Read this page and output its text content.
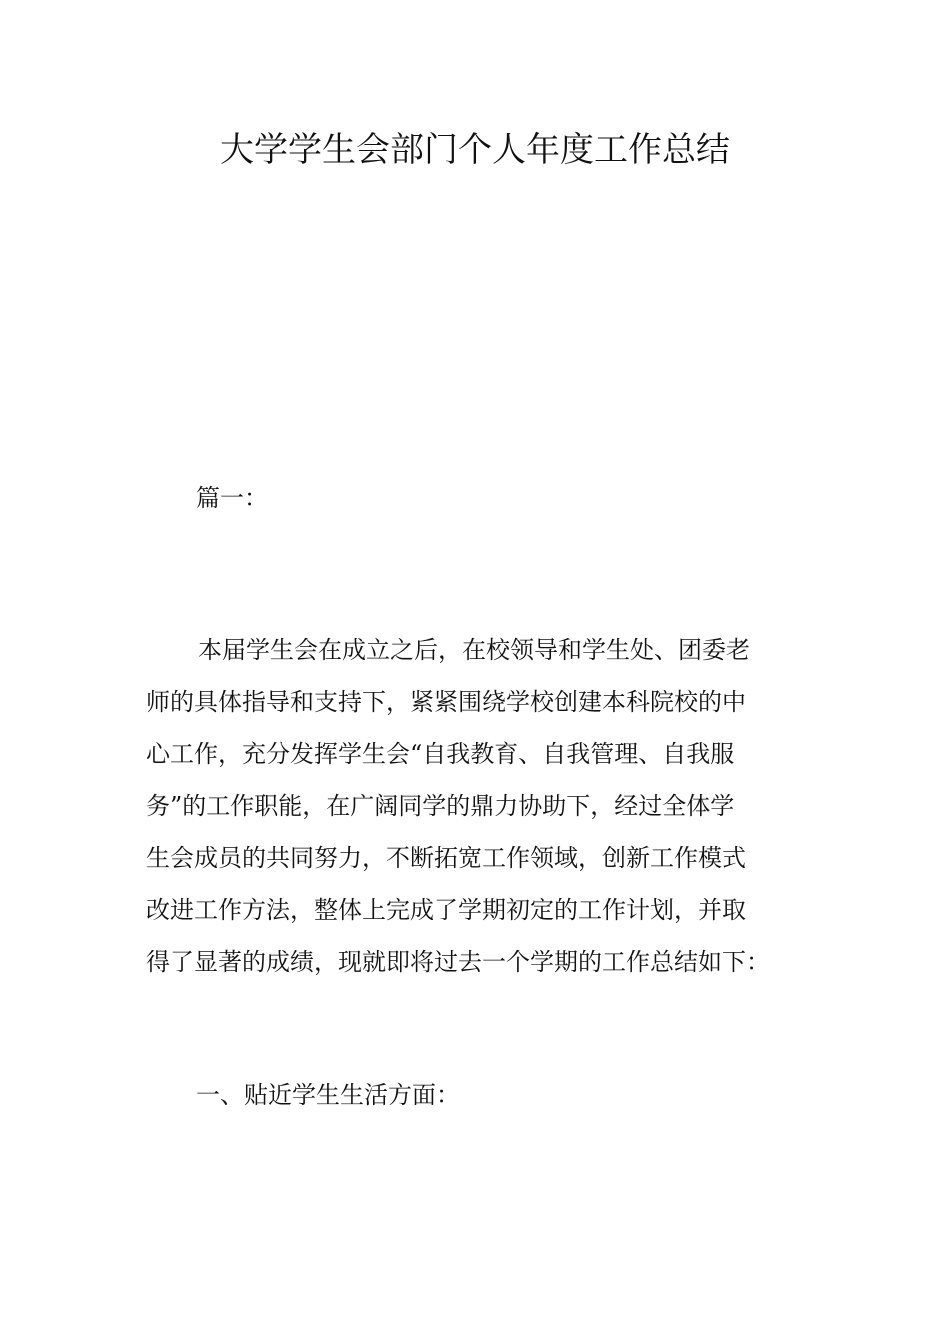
大学学生会部门个人年度工作总结

篇一：

本届学生会在成立之后，在校领导和学生处、团委老
师的具体指导和支持下，紧紧围绕学校创建本科院校的中
心工作，充分发挥学生会“自我教育、自我管理、自我服
务”的工作职能，在广阔同学的鼎力协助下，经过全体学
生会成员的共同努力，不断拓宽工作领域，创新工作模式
改进工作方法，整体上完成了学期初定的工作计划，并取
得了显著的成绩，现就即将过去一个学期的工作总结如下：

一、贴近学生生活方面：
